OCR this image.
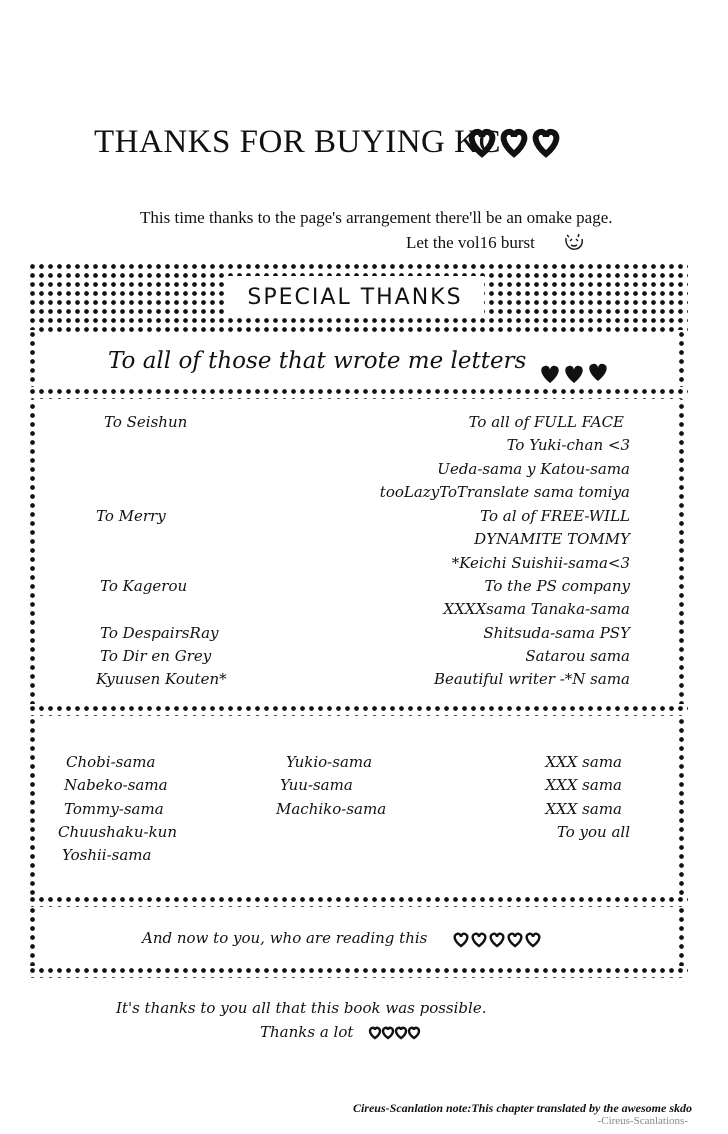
THANKS FOR BUYING KC
This time thanks to the page's arrangement there'll be an omake page.
Let the vol16 burst
SPECIAL THANKS
To all of those that wrote me letters
To Seishun
To Merry
To Kagerou
To DespairsRay
To Dir en Grey
Kyuusen Kouten*
To all of FULL FACE
To Yuki-chan <3
Ueda-sama y Katou-sama
tooLazyToTranslate sama tomiya
To al of FREE-WILL
DYNAMITE TOMMY
*Keichi Suishii-sama<3
To the PS company
XXXXsama Tanaka-sama
Shitsuda-sama PSY
Satarou sama
Beautiful writer -*N sama
Chobi-sama
Nabeko-sama
Tommy-sama
Chuushaku-kun
Yoshii-sama
Yukio-sama
Yuu-sama
Machiko-sama
XXX sama
XXX sama
XXX sama
To you all
And now to you, who are reading this
It's thanks to you all that this book was possible.
Thanks a lot
Cireus-Scanlation note:This chapter translated by the awesome skdo
-Cireus-Scanlations-
